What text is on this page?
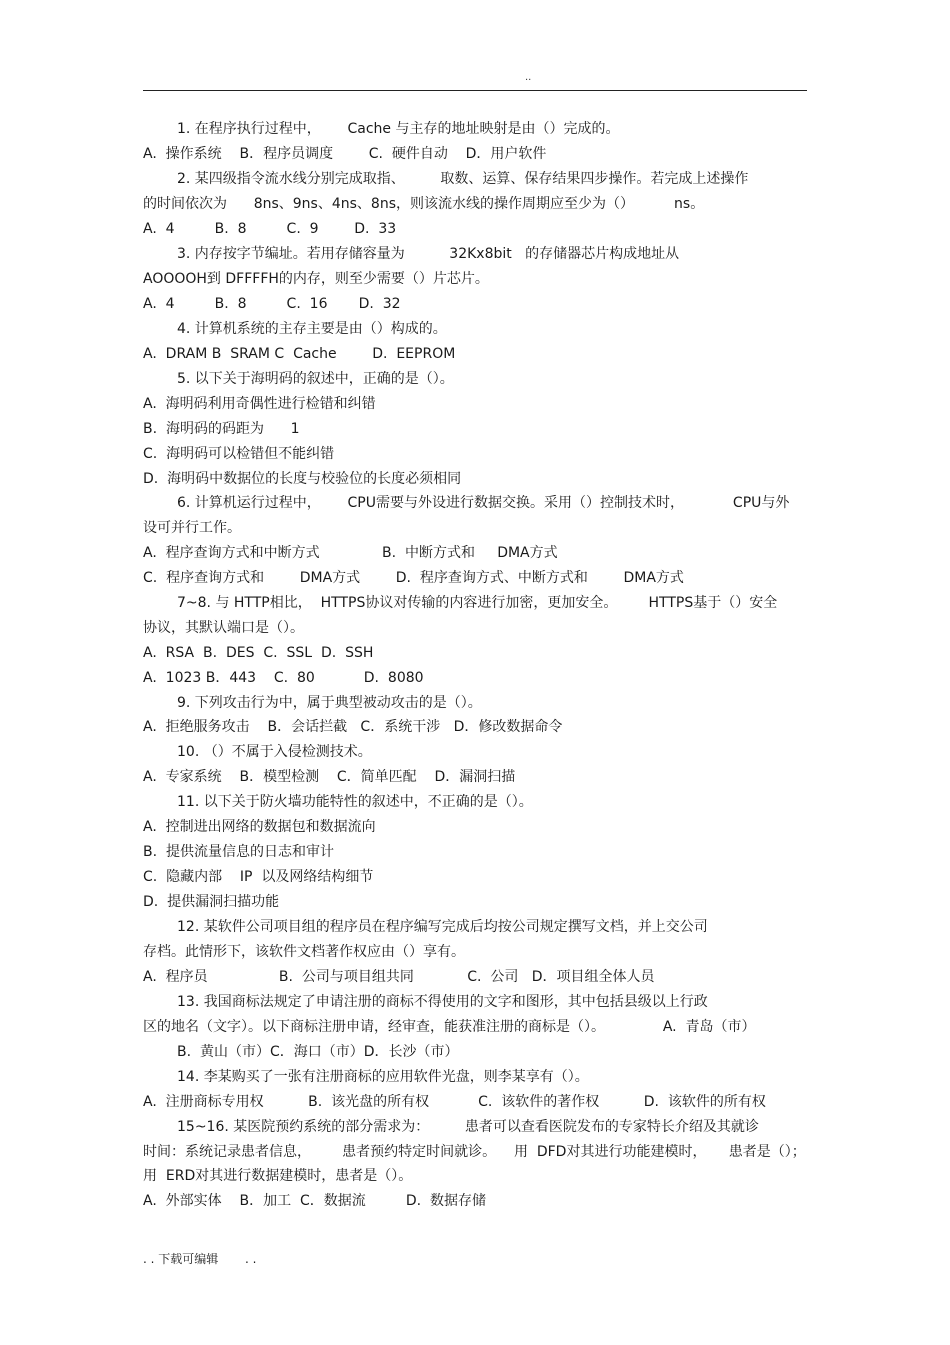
..
1. 在程序执行过程中，      Cache 与主存的地址映射是由（）完成的。
A.  操作系统    B．程序员调度        C.  硬件自动    D．用户软件
2. 某四级指令流水线分别完成取指、        取数、运算、保存结果四步操作。若完成上述操作
的时间依次为      8ns、9ns、4ns、8ns，则该流水线的操作周期应至少为（）         ns。
A.  4         B.  8         C.  9        D.  33
3. 内存按字节编址。若用存储容量为          32Kx8bit   的存储器芯片构成地址从
AOOOOH到 DFFFFH的内存，则至少需要（）片芯片。
A.  4         B.  8         C.  16       D.  32
4. 计算机系统的主存主要是由（）构成的。
A.  DRAM B  SRAM C  Cache        D.  EEPROM
5. 以下关于海明码的叙述中，正确的是（）。
A.  海明码利用奇偶性进行检错和纠错
B.  海明码的码距为      1
C.  海明码可以检错但不能纠错
D.  海明码中数据位的长度与校验位的长度必须相同
6. 计算机运行过程中，      CPU需要与外设进行数据交换。采用（）控制技术时，           CPU与外
设可并行工作。
A.  程序查询方式和中断方式              B.  中断方式和     DMA方式
C.  程序查询方式和        DMA方式        D.  程序查询方式、中断方式和        DMA方式
7~8. 与 HTTP相比，  HTTPS协议对传输的内容进行加密，更加安全。       HTTPS基于（）安全
协议，其默认端口是（）。
A.  RSA  B.  DES  C.  SSL  D.  SSH
A.  1023 B．443    C.  80           D.  8080
9. 下列攻击行为中，属于典型被动攻击的是（）。
A.  拒绝服务攻击    B．会话拦截   C．系统干涉   D．修改数据命令
10. （）不属于入侵检测技术。
A.  专家系统    B．模型检测    C．简单匹配    D．漏洞扫描
11. 以下关于防火墙功能特性的叙述中，不正确的是（）。
A.  控制进出网络的数据包和数据流向
B.  提供流量信息的日志和审计
C.  隐藏内部    IP  以及网络结构细节
D.  提供漏洞扫描功能
12. 某软件公司项目组的程序员在程序编写完成后均按公司规定撰写文档，并上交公司
存档。此情形下，该软件文档著作权应由（）享有。
A.  程序员                B.  公司与项目组共同            C.  公司   D．项目组全体人员
13. 我国商标法规定了申请注册的商标不得使用的文字和图形，其中包括县级以上行政
区的地名（文字）。以下商标注册申请，经审查，能获准注册的商标是（）。             A.  青岛（市）
B.  黄山（市）C．海口（市）D．长沙（市）
14. 李某购买了一张有注册商标的应用软件光盘，则李某享有（）。
A.  注册商标专用权          B.  该光盘的所有权           C.  该软件的著作权          D.  该软件的所有权
15~16. 某医院预约系统的部分需求为：        患者可以查看医院发布的专家特长介绍及其就诊
时间：系统记录患者信息，       患者预约特定时间就诊。    用  DFD对其进行功能建模时，     患者是（）；
用  ERD对其进行数据建模时，患者是（）。
A.  外部实体    B．加工  C．数据流         D.  数据存储
. . 下载可编辑       . .
